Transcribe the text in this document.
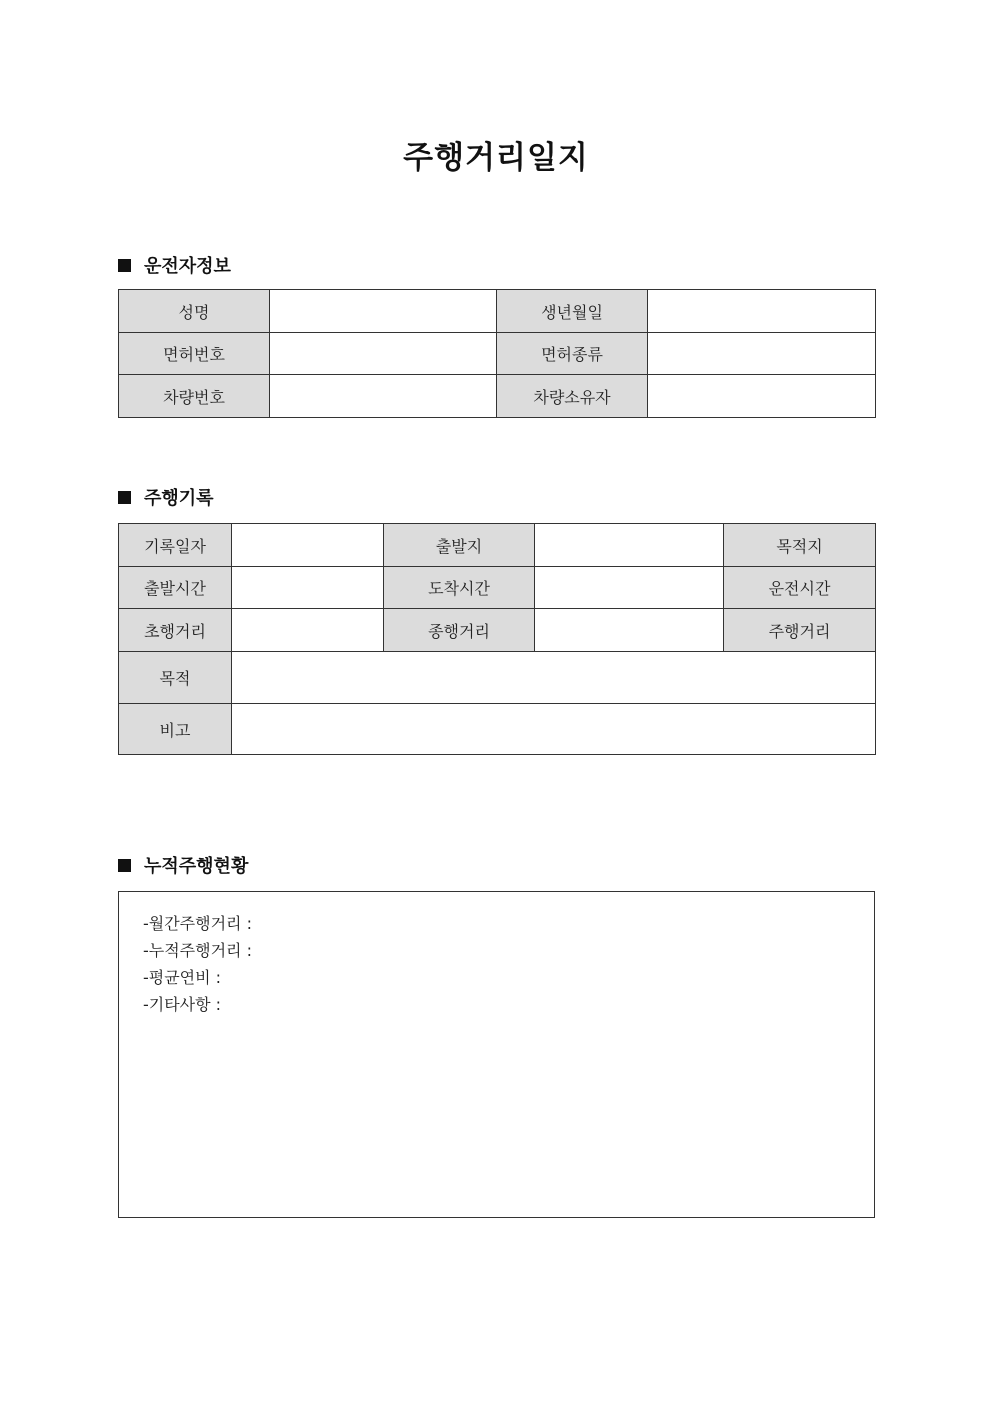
주행거리일지
운전자정보
성명		생년월일	
면허번호		면허종류	
차량번호		차량소유자	
주행기록
기록일자		출발지		목적지
출발시간		도착시간		운전시간
초행거리		종행거리		주행거리
목적				
비고				
누적주행현황
-월간주행거리 :
-누적주행거리 :
-평균연비 :
-기타사항 :
